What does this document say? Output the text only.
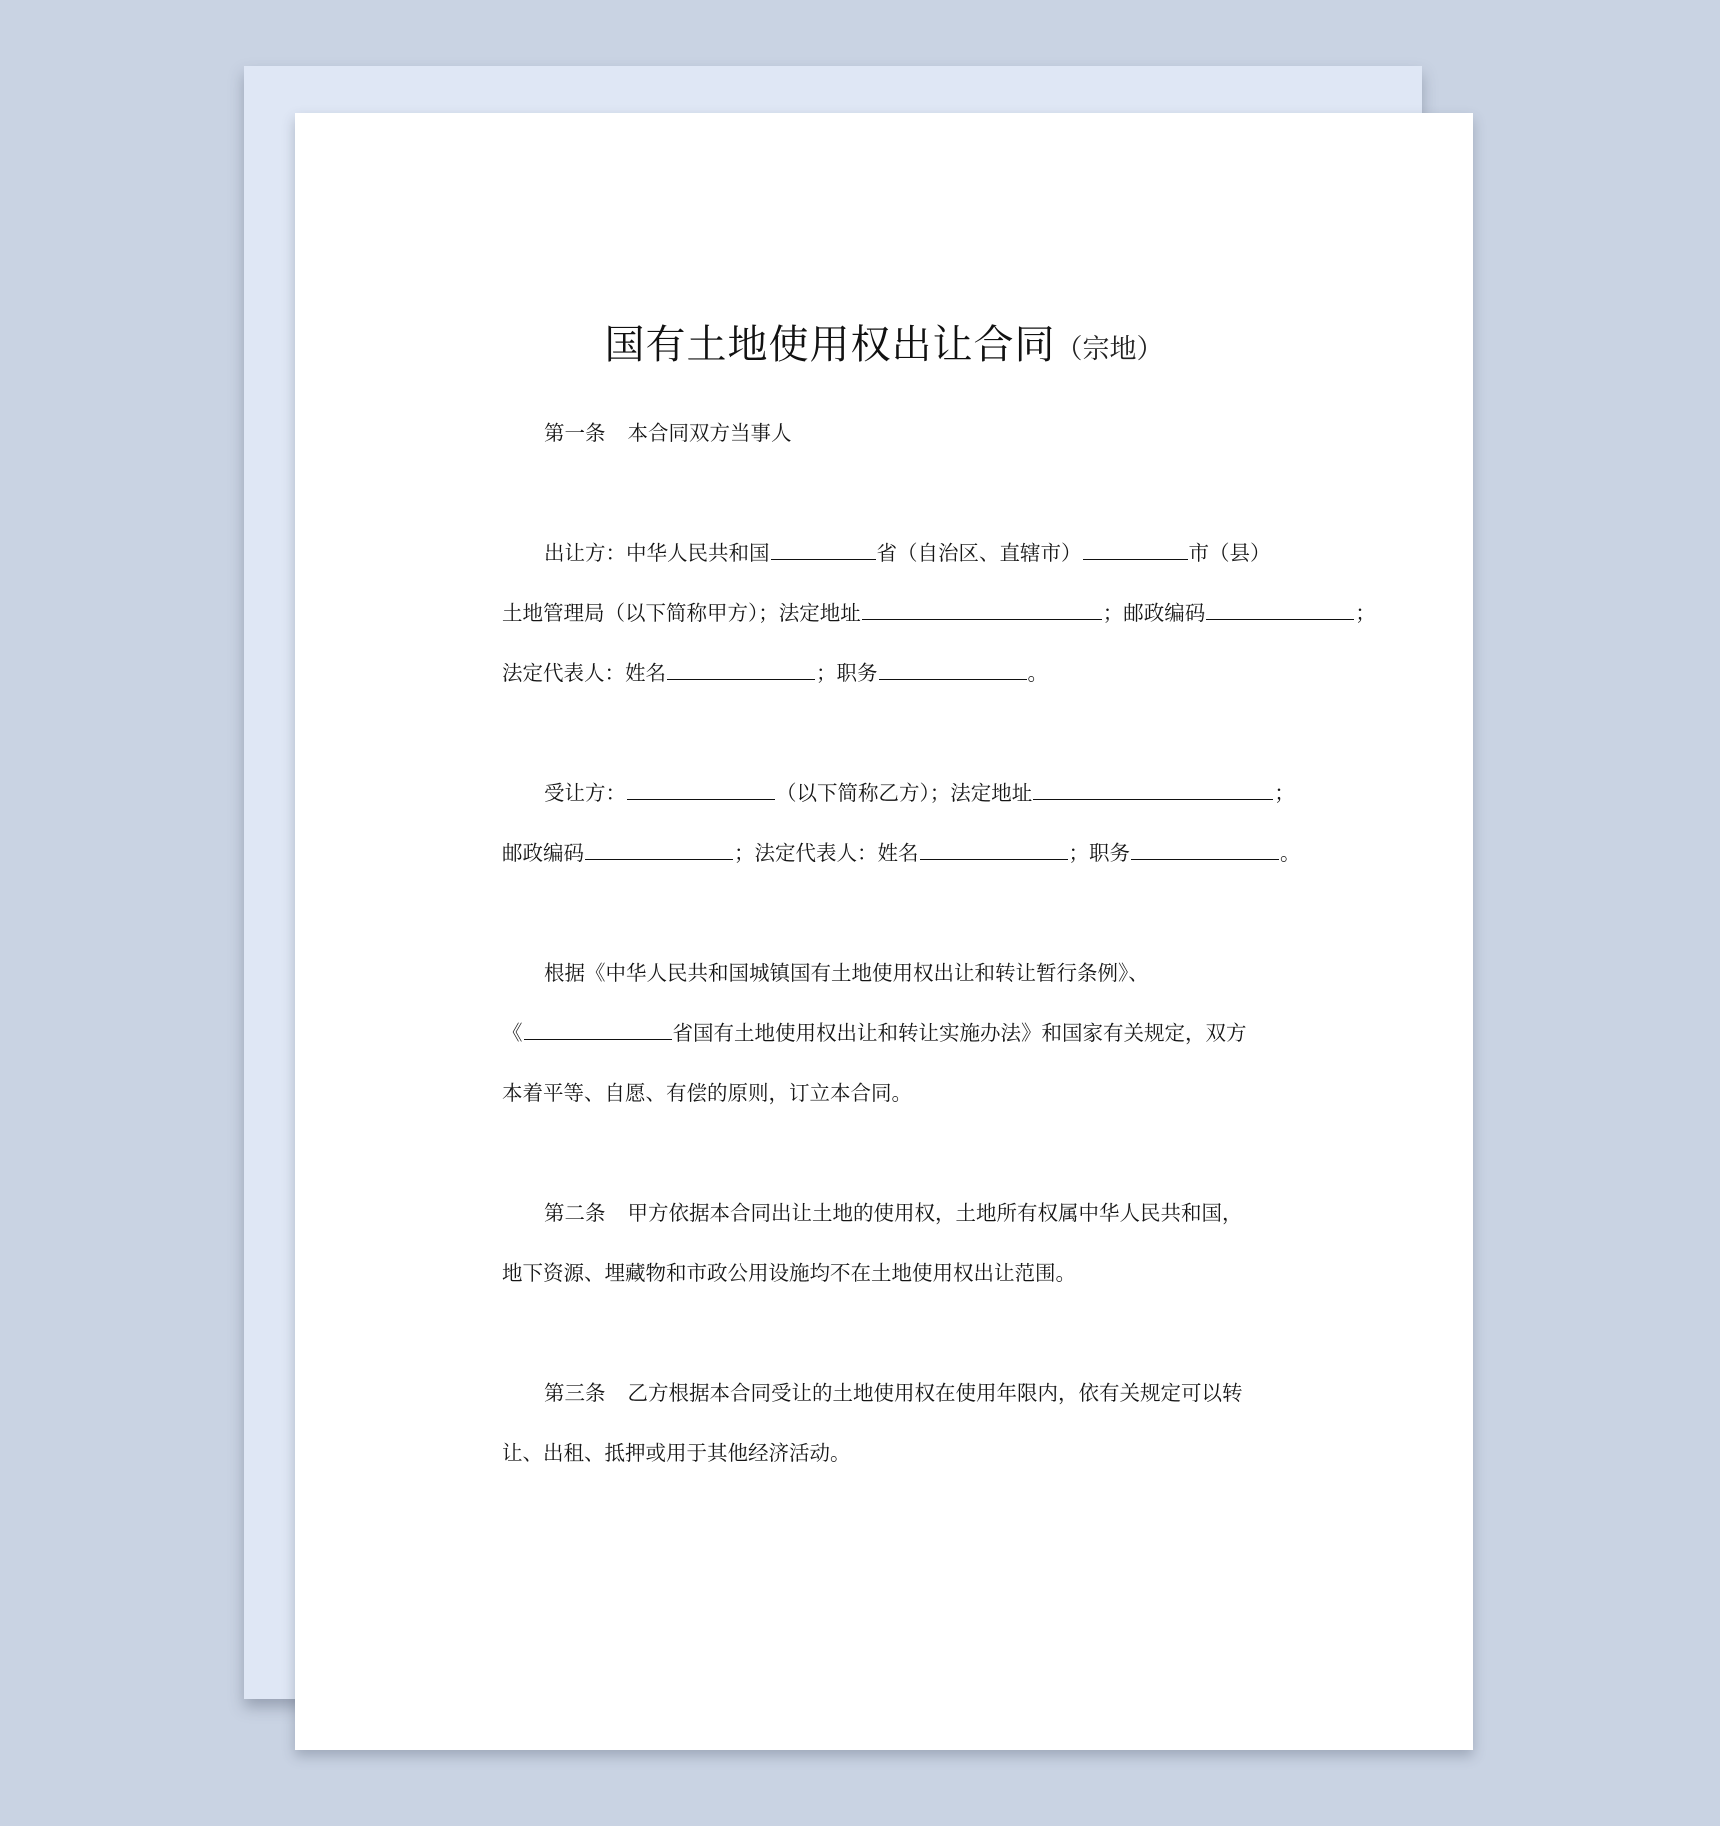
国有土地使用权出让合同（宗地）
第一条 本合同双方当事人
出让方：中华人民共和国	省（自治区、直辖市）	市（县）
土地管理局（以下简称甲方）；法定地址	；邮政编码	；
法定代表人：姓名	；职务	。
受让方：	（以下简称乙方）；法定地址	；
邮政编码	；法定代表人：姓名	；职务	。
根据《中华人民共和国城镇国有土地使用权出让和转让暂行条例》、
《	省国有土地使用权出让和转让实施办法》和国家有关规定，双方
本着平等、自愿、有偿的原则，订立本合同。
第二条 甲方依据本合同出让土地的使用权，土地所有权属中华人民共和国，
地下资源、埋藏物和市政公用设施均不在土地使用权出让范围。
第三条 乙方根据本合同受让的土地使用权在使用年限内，依有关规定可以转
让、出租、抵押或用于其他经济活动。
